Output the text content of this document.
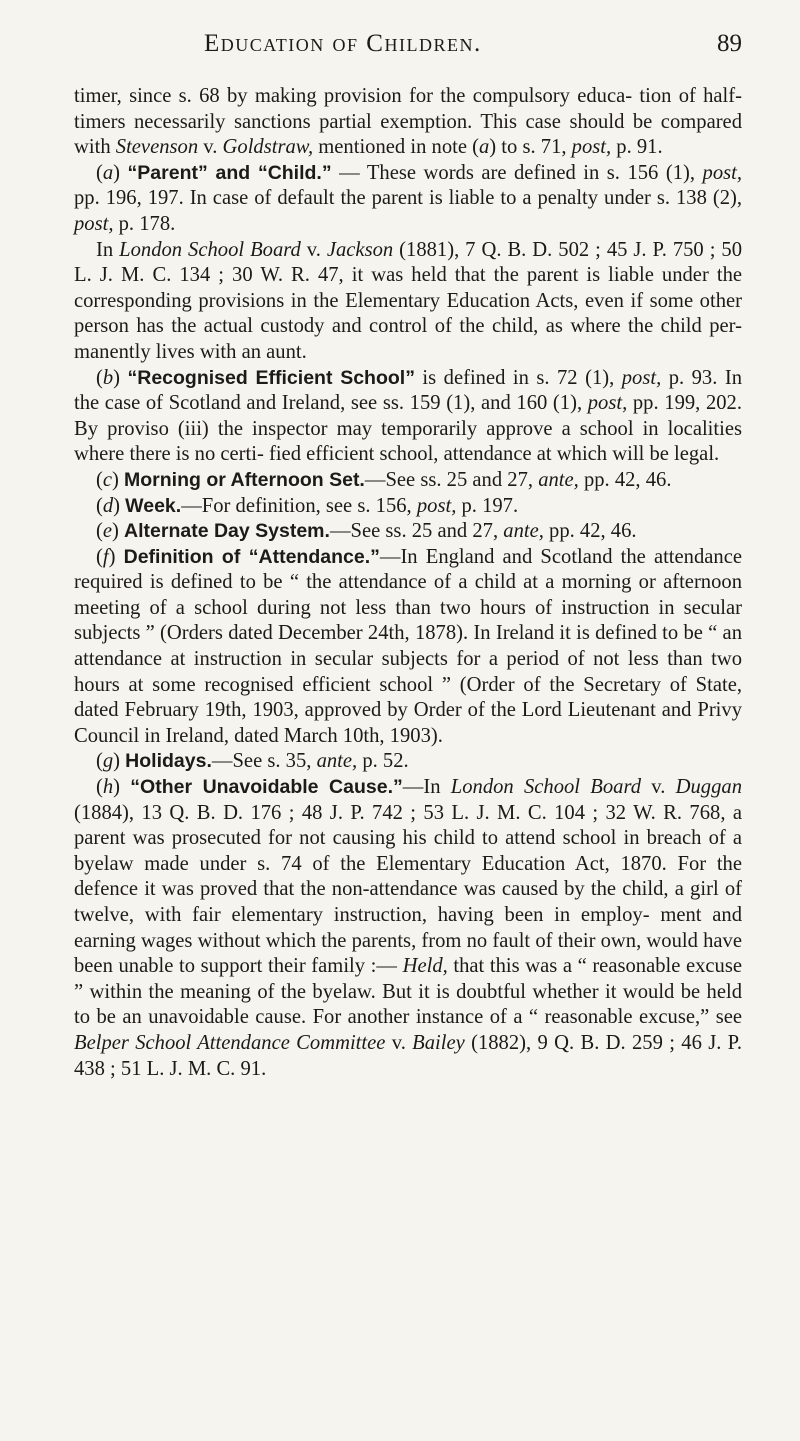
Education of Children.	89

timer, since s. 68 by making provision for the compulsory educa- tion of half-timers necessarily sanctions partial exemption. This case should be compared with Stevenson v. Goldstraw, mentioned in note (a) to s. 71, post, p. 91.

(a) “Parent” and “Child.” — These words are defined in s. 156 (1), post, pp. 196, 197. In case of default the parent is liable to a penalty under s. 138 (2), post, p. 178.

In London School Board v. Jackson (1881), 7 Q. B. D. 502 ; 45 J. P. 750 ; 50 L. J. M. C. 134 ; 30 W. R. 47, it was held that the parent is liable under the corresponding provisions in the Elementary Education Acts, even if some other person has the actual custody and control of the child, as where the child per- manently lives with an aunt.

(b) “Recognised Efficient School” is defined in s. 72 (1), post, p. 93. In the case of Scotland and Ireland, see ss. 159 (1), and 160 (1), post, pp. 199, 202. By proviso (iii) the inspector may temporarily approve a school in localities where there is no certi- fied efficient school, attendance at which will be legal.

(c) Morning or Afternoon Set.—See ss. 25 and 27, ante, pp. 42, 46.

(d) Week.—For definition, see s. 156, post, p. 197.

(e) Alternate Day System.—See ss. 25 and 27, ante, pp. 42, 46.

(f) Definition of “Attendance.”—In England and Scotland the attendance required is defined to be “ the attendance of a child at a morning or afternoon meeting of a school during not less than two hours of instruction in secular subjects ” (Orders dated December 24th, 1878). In Ireland it is defined to be “ an attendance at instruction in secular subjects for a period of not less than two hours at some recognised efficient school ” (Order of the Secretary of State, dated February 19th, 1903, approved by Order of the Lord Lieutenant and Privy Council in Ireland, dated March 10th, 1903).

(g) Holidays.—See s. 35, ante, p. 52.

(h) “Other Unavoidable Cause.”—In London School Board v. Duggan (1884), 13 Q. B. D. 176 ; 48 J. P. 742 ; 53 L. J. M. C. 104 ; 32 W. R. 768, a parent was prosecuted for not causing his child to attend school in breach of a byelaw made under s. 74 of the Elementary Education Act, 1870. For the defence it was proved that the non-attendance was caused by the child, a girl of twelve, with fair elementary instruction, having been in employ- ment and earning wages without which the parents, from no fault of their own, would have been unable to support their family :— Held, that this was a “ reasonable excuse ” within the meaning of the byelaw. But it is doubtful whether it would be held to be an unavoidable cause. For another instance of a “ reasonable excuse,” see Belper School Attendance Committee v. Bailey (1882), 9 Q. B. D. 259 ; 46 J. P. 438 ; 51 L. J. M. C. 91.
